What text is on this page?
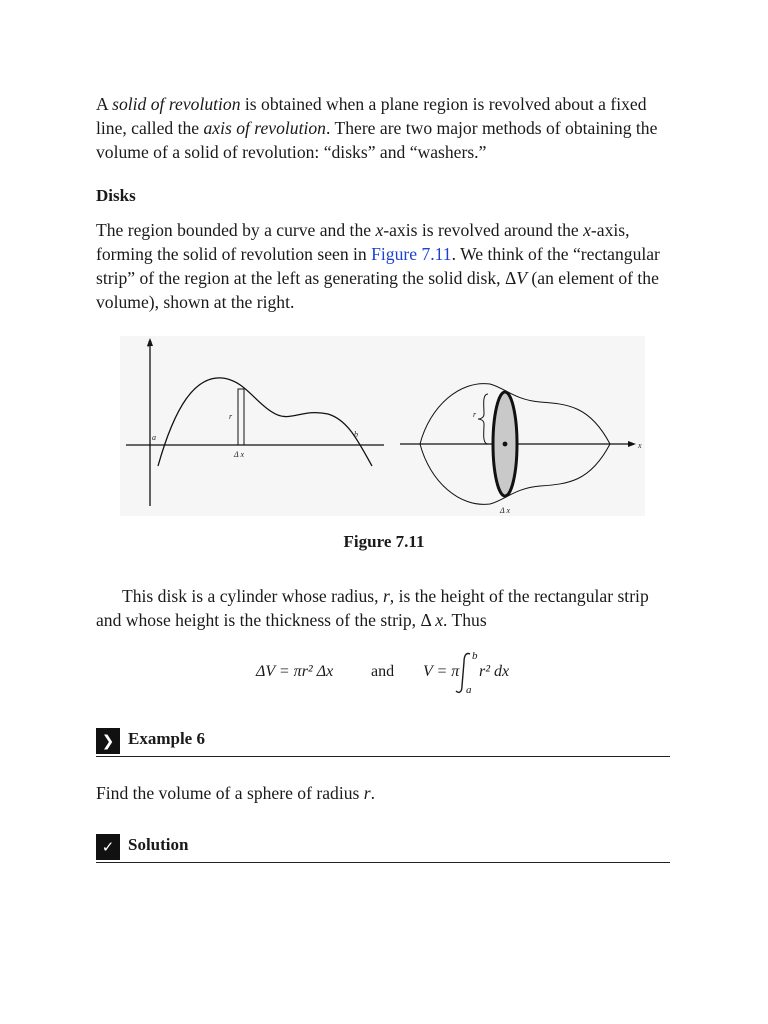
A solid of revolution is obtained when a plane region is revolved about a fixed line, called the axis of revolution. There are two major methods of obtaining the volume of a solid of revolution: “disks” and “washers.”

Disks

The region bounded by a curve and the x-axis is revolved around the x-axis, forming the solid of revolution seen in Figure 7.11. We think of the “rectangular strip” of the region at the left as generating the solid disk, ΔV (an element of the volume), shown at the right.

y
a	b
r
Δ x
r
x
Δ x

Figure 7.11

This disk is a cylinder whose radius, r, is the height of the rectangular strip and whose height is the thickness of the strip, Δ x. Thus

ΔV = πr² Δx and V = π
b
a
r² dx
❯ Example 6

Find the volume of a sphere of radius r.

✓ Solution
